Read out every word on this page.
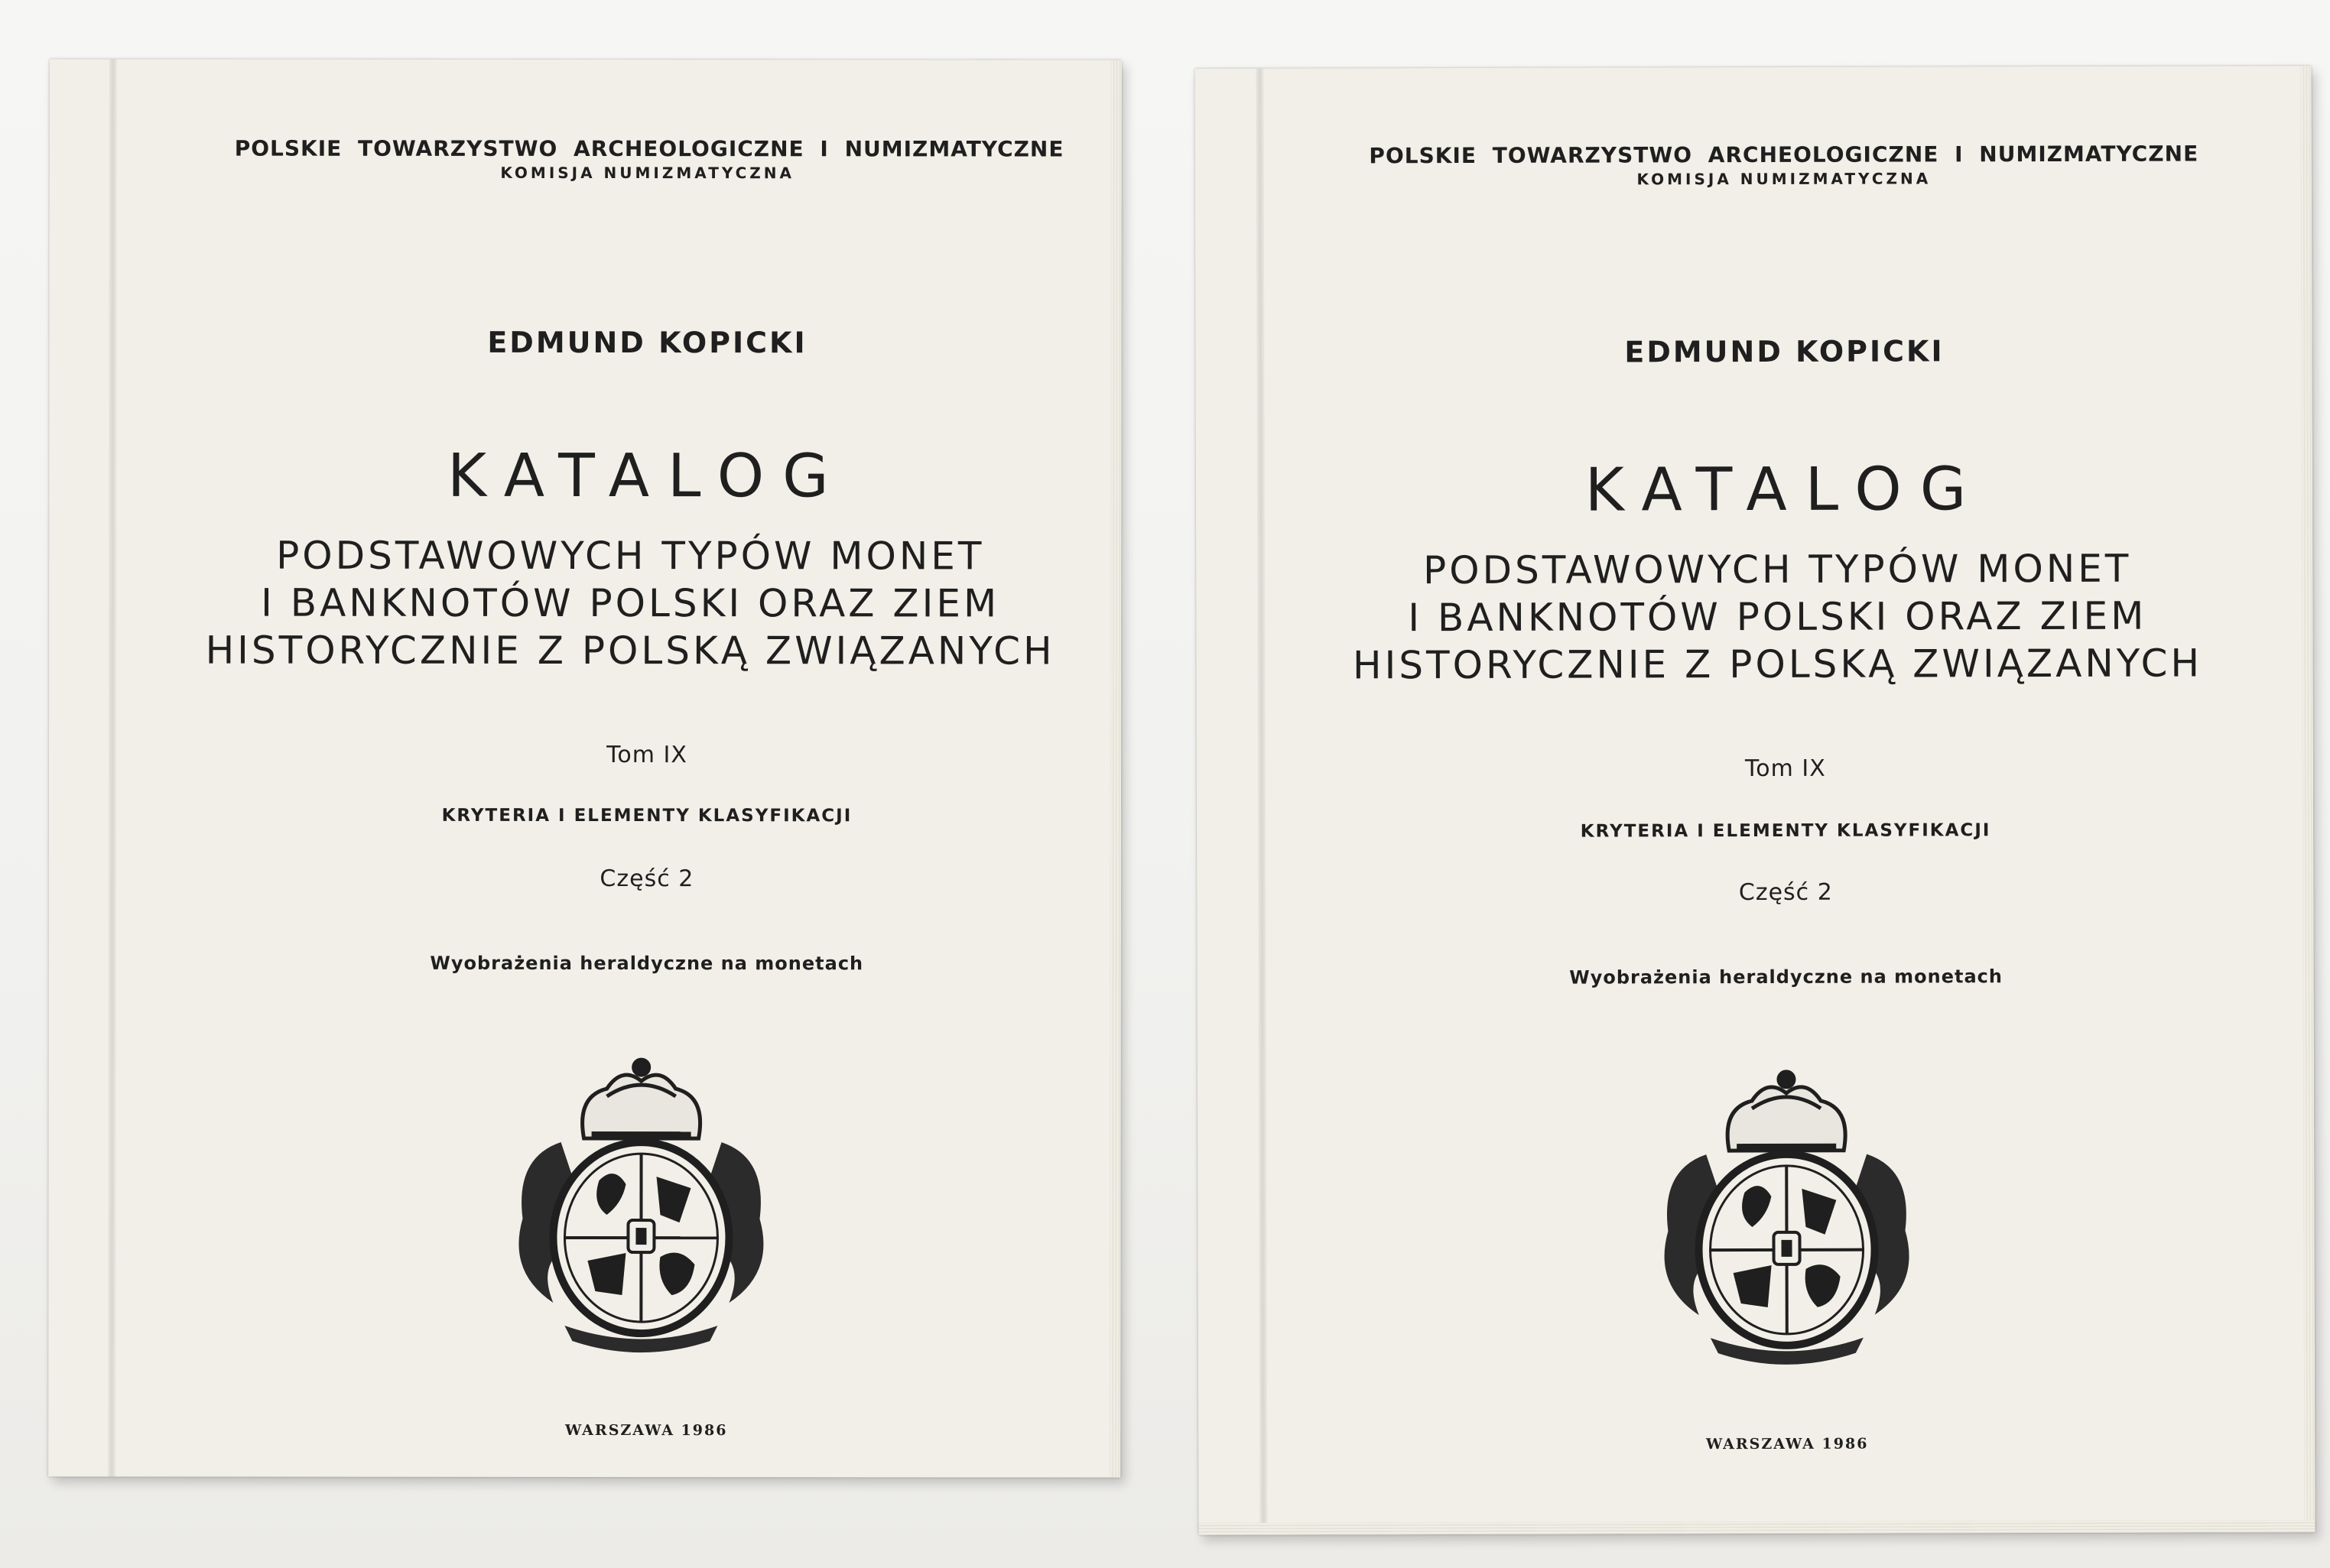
POLSKIE TOWARZYSTWO ARCHEOLOGICZNE I NUMIZMATYCZNE
KOMISJA NUMIZMATYCZNA
EDMUND KOPICKI
KATALOG
PODSTAWOWYCH TYPÓW MONET
I BANKNOTÓW POLSKI ORAZ ZIEM
HISTORYCZNIE Z POLSKĄ ZWIĄZANYCH
Tom IX
KRYTERIA I ELEMENTY KLASYFIKACJI
Część 2
Wyobrażenia heraldyczne na monetach
WARSZAWA 1986
POLSKIE TOWARZYSTWO ARCHEOLOGICZNE I NUMIZMATYCZNE
KOMISJA NUMIZMATYCZNA
EDMUND KOPICKI
KATALOG
PODSTAWOWYCH TYPÓW MONET
I BANKNOTÓW POLSKI ORAZ ZIEM
HISTORYCZNIE Z POLSKĄ ZWIĄZANYCH
Tom IX
KRYTERIA I ELEMENTY KLASYFIKACJI
Część 2
Wyobrażenia heraldyczne na monetach
WARSZAWA 1986
